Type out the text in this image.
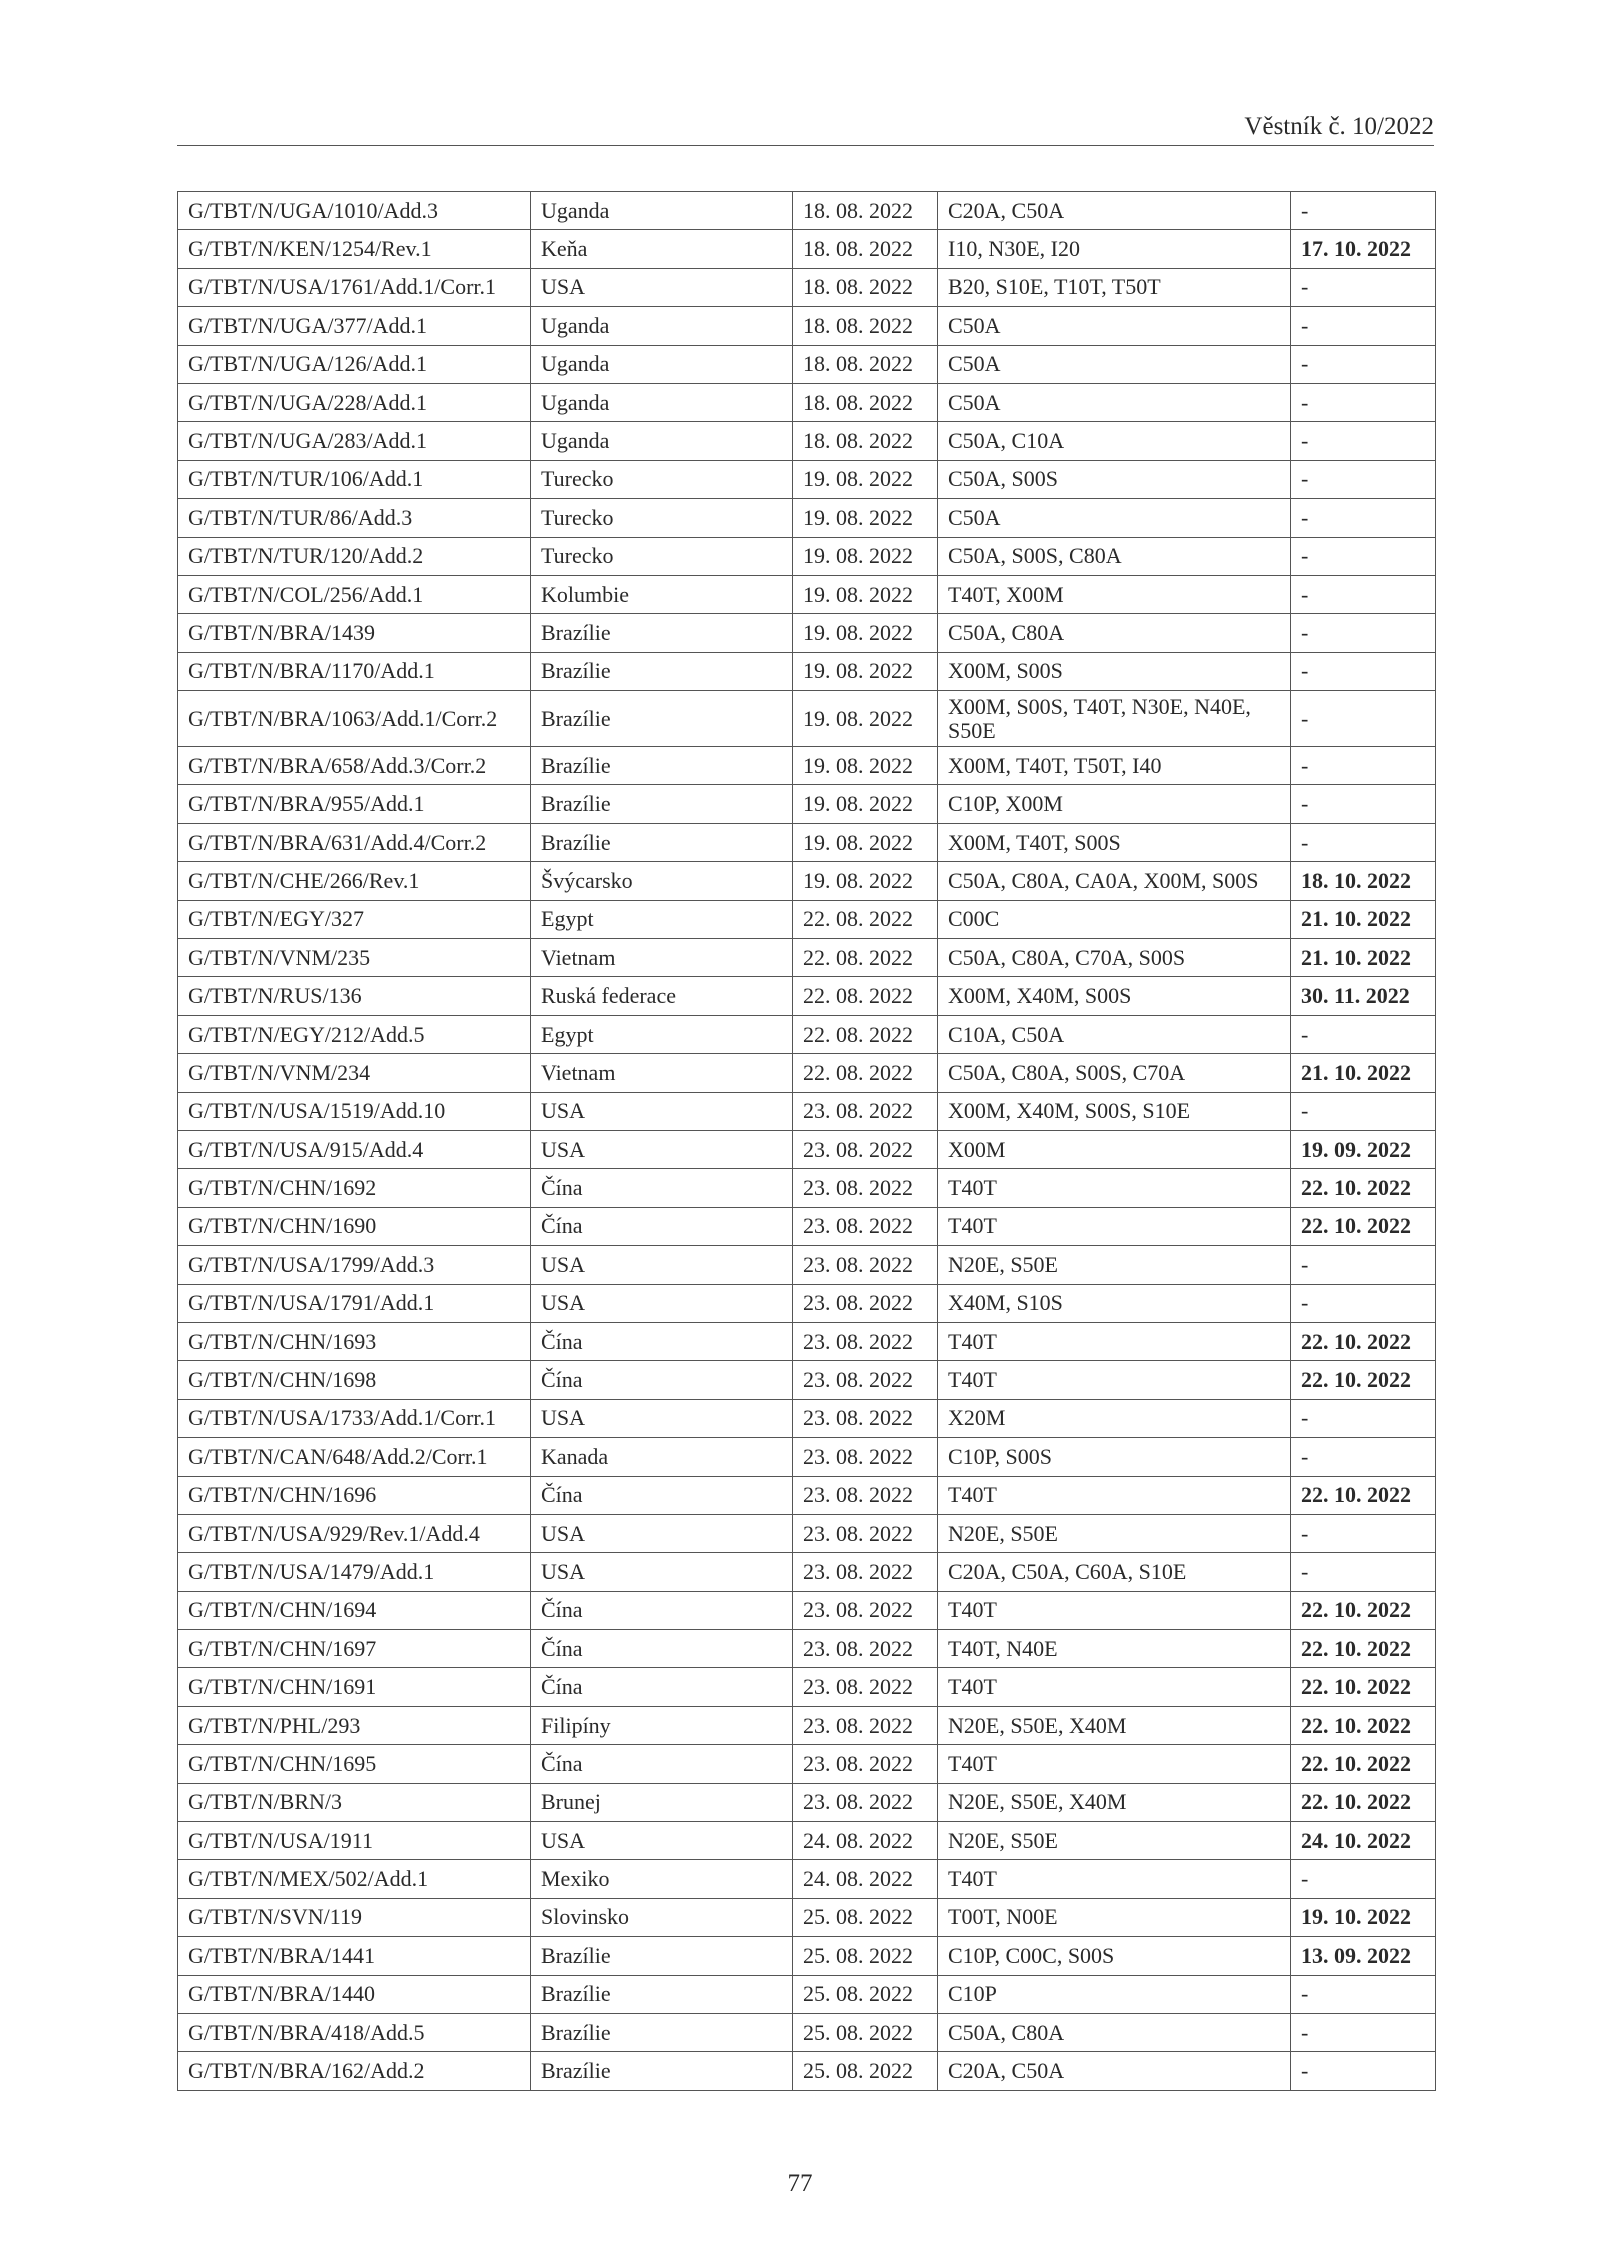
Věstník č. 10/2022
G/TBT/N/UGA/1010/Add.3	Uganda	18. 08. 2022	C20A, C50A	-
G/TBT/N/KEN/1254/Rev.1	Keňa	18. 08. 2022	I10, N30E, I20	17. 10. 2022
G/TBT/N/USA/1761/Add.1/Corr.1	USA	18. 08. 2022	B20, S10E, T10T, T50T	-
G/TBT/N/UGA/377/Add.1	Uganda	18. 08. 2022	C50A	-
G/TBT/N/UGA/126/Add.1	Uganda	18. 08. 2022	C50A	-
G/TBT/N/UGA/228/Add.1	Uganda	18. 08. 2022	C50A	-
G/TBT/N/UGA/283/Add.1	Uganda	18. 08. 2022	C50A, C10A	-
G/TBT/N/TUR/106/Add.1	Turecko	19. 08. 2022	C50A, S00S	-
G/TBT/N/TUR/86/Add.3	Turecko	19. 08. 2022	C50A	-
G/TBT/N/TUR/120/Add.2	Turecko	19. 08. 2022	C50A, S00S, C80A	-
G/TBT/N/COL/256/Add.1	Kolumbie	19. 08. 2022	T40T, X00M	-
G/TBT/N/BRA/1439	Brazílie	19. 08. 2022	C50A, C80A	-
G/TBT/N/BRA/1170/Add.1	Brazílie	19. 08. 2022	X00M, S00S	-
G/TBT/N/BRA/1063/Add.1/Corr.2	Brazílie	19. 08. 2022	X00M, S00S, T40T, N30E, N40E, S50E	-
G/TBT/N/BRA/658/Add.3/Corr.2	Brazílie	19. 08. 2022	X00M, T40T, T50T, I40	-
G/TBT/N/BRA/955/Add.1	Brazílie	19. 08. 2022	C10P, X00M	-
G/TBT/N/BRA/631/Add.4/Corr.2	Brazílie	19. 08. 2022	X00M, T40T, S00S	-
G/TBT/N/CHE/266/Rev.1	Švýcarsko	19. 08. 2022	C50A, C80A, CA0A, X00M, S00S	18. 10. 2022
G/TBT/N/EGY/327	Egypt	22. 08. 2022	C00C	21. 10. 2022
G/TBT/N/VNM/235	Vietnam	22. 08. 2022	C50A, C80A, C70A, S00S	21. 10. 2022
G/TBT/N/RUS/136	Ruská federace	22. 08. 2022	X00M, X40M, S00S	30. 11. 2022
G/TBT/N/EGY/212/Add.5	Egypt	22. 08. 2022	C10A, C50A	-
G/TBT/N/VNM/234	Vietnam	22. 08. 2022	C50A, C80A, S00S, C70A	21. 10. 2022
G/TBT/N/USA/1519/Add.10	USA	23. 08. 2022	X00M, X40M, S00S, S10E	-
G/TBT/N/USA/915/Add.4	USA	23. 08. 2022	X00M	19. 09. 2022
G/TBT/N/CHN/1692	Čína	23. 08. 2022	T40T	22. 10. 2022
G/TBT/N/CHN/1690	Čína	23. 08. 2022	T40T	22. 10. 2022
G/TBT/N/USA/1799/Add.3	USA	23. 08. 2022	N20E, S50E	-
G/TBT/N/USA/1791/Add.1	USA	23. 08. 2022	X40M, S10S	-
G/TBT/N/CHN/1693	Čína	23. 08. 2022	T40T	22. 10. 2022
G/TBT/N/CHN/1698	Čína	23. 08. 2022	T40T	22. 10. 2022
G/TBT/N/USA/1733/Add.1/Corr.1	USA	23. 08. 2022	X20M	-
G/TBT/N/CAN/648/Add.2/Corr.1	Kanada	23. 08. 2022	C10P, S00S	-
G/TBT/N/CHN/1696	Čína	23. 08. 2022	T40T	22. 10. 2022
G/TBT/N/USA/929/Rev.1/Add.4	USA	23. 08. 2022	N20E, S50E	-
G/TBT/N/USA/1479/Add.1	USA	23. 08. 2022	C20A, C50A, C60A, S10E	-
G/TBT/N/CHN/1694	Čína	23. 08. 2022	T40T	22. 10. 2022
G/TBT/N/CHN/1697	Čína	23. 08. 2022	T40T, N40E	22. 10. 2022
G/TBT/N/CHN/1691	Čína	23. 08. 2022	T40T	22. 10. 2022
G/TBT/N/PHL/293	Filipíny	23. 08. 2022	N20E, S50E, X40M	22. 10. 2022
G/TBT/N/CHN/1695	Čína	23. 08. 2022	T40T	22. 10. 2022
G/TBT/N/BRN/3	Brunej	23. 08. 2022	N20E, S50E, X40M	22. 10. 2022
G/TBT/N/USA/1911	USA	24. 08. 2022	N20E, S50E	24. 10. 2022
G/TBT/N/MEX/502/Add.1	Mexiko	24. 08. 2022	T40T	-
G/TBT/N/SVN/119	Slovinsko	25. 08. 2022	T00T, N00E	19. 10. 2022
G/TBT/N/BRA/1441	Brazílie	25. 08. 2022	C10P, C00C, S00S	13. 09. 2022
G/TBT/N/BRA/1440	Brazílie	25. 08. 2022	C10P	-
G/TBT/N/BRA/418/Add.5	Brazílie	25. 08. 2022	C50A, C80A	-
G/TBT/N/BRA/162/Add.2	Brazílie	25. 08. 2022	C20A, C50A	-
77
